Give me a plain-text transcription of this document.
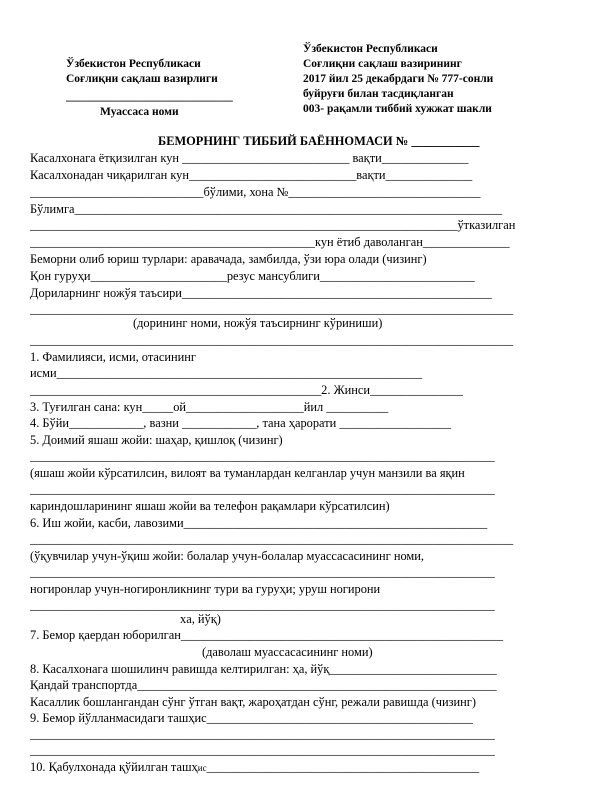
Ўзбекистон Республикаси
Соғлиқни сақлаш вазирлиги
_____________________________
Муассаса номи
Ўзбекистон Республикаси
Соғлиқни сақлаш вазирининг
2017 йил 25 декабрдаги № 777-сонли
буйруғи билан тасдиқланган
003- рақамли тиббий хужжат шакли
БЕМОРНИНГ ТИББИЙ БАЁННОМАСИ № ___________
Касалхонага ётқизилган кун ___________________________ вақти______________
Касалхонадан чиқарилган кун___________________________вақти______________
____________________________бўлими, хона №_______________________________
Бўлимга_____________________________________________________________________
_____________________________________________________________________ўтказилган
______________________________________________кун ётиб даволанган______________
Беморни олиб юриш турлари: аравачада, замбилда, ўзи юра олади (чизинг)
Қон гуруҳи______________________резус мансублиги_________________________
Дориларнинг ножўя таъсири__________________________________________________
______________________________________________________________________________
(дорининг номи, ножўя таъсирнинг кўриниши)
______________________________________________________________________________
1. Фамилияси, исми, отасининг
исми___________________________________________________________
_______________________________________________2. Жинси_______________
3. Туғилган сана: кун_____ой___________________йил __________
4. Бўйи____________, вазни ____________, тана ҳарорати __________________
5. Доимий яшаш жойи: шаҳар, қишлоқ (чизинг)
___________________________________________________________________________
(яшаш жойи кўрсатилсин, вилоят ва туманлардан келганлар учун манзили ва яқин
___________________________________________________________________________
кариндошларининг яшаш жойи ва телефон рақамлари кўрсатилсин)
6. Иш жойи, касби, лавозими_________________________________________________
______________________________________________________________________________
(ўқувчилар учун-ўқиш жойи: болалар учун-болалар муассасасининг номи,
___________________________________________________________________________
ногиронлар учун-ногиронликнинг тури ва гуруҳи; уруш ногирони
___________________________________________________________________________
хa, йўқ)
7. Бемор қаердан юборилган____________________________________________________
(даволаш муассасасининг номи)
8. Касалхонага шошилинч равишда келтирилган: ҳа, йўқ___________________________
Қандай транспортда__________________________________________________________
Касаллик бошлангандан сўнг ўтган вақт, жароҳатдан сўнг, режали равишда (чизинг)
9. Бемор йўлланмасидаги ташҳис___________________________________________
___________________________________________________________________________
___________________________________________________________________________
10. Қабулхонада қўйилган ташҳис____________________________________________
